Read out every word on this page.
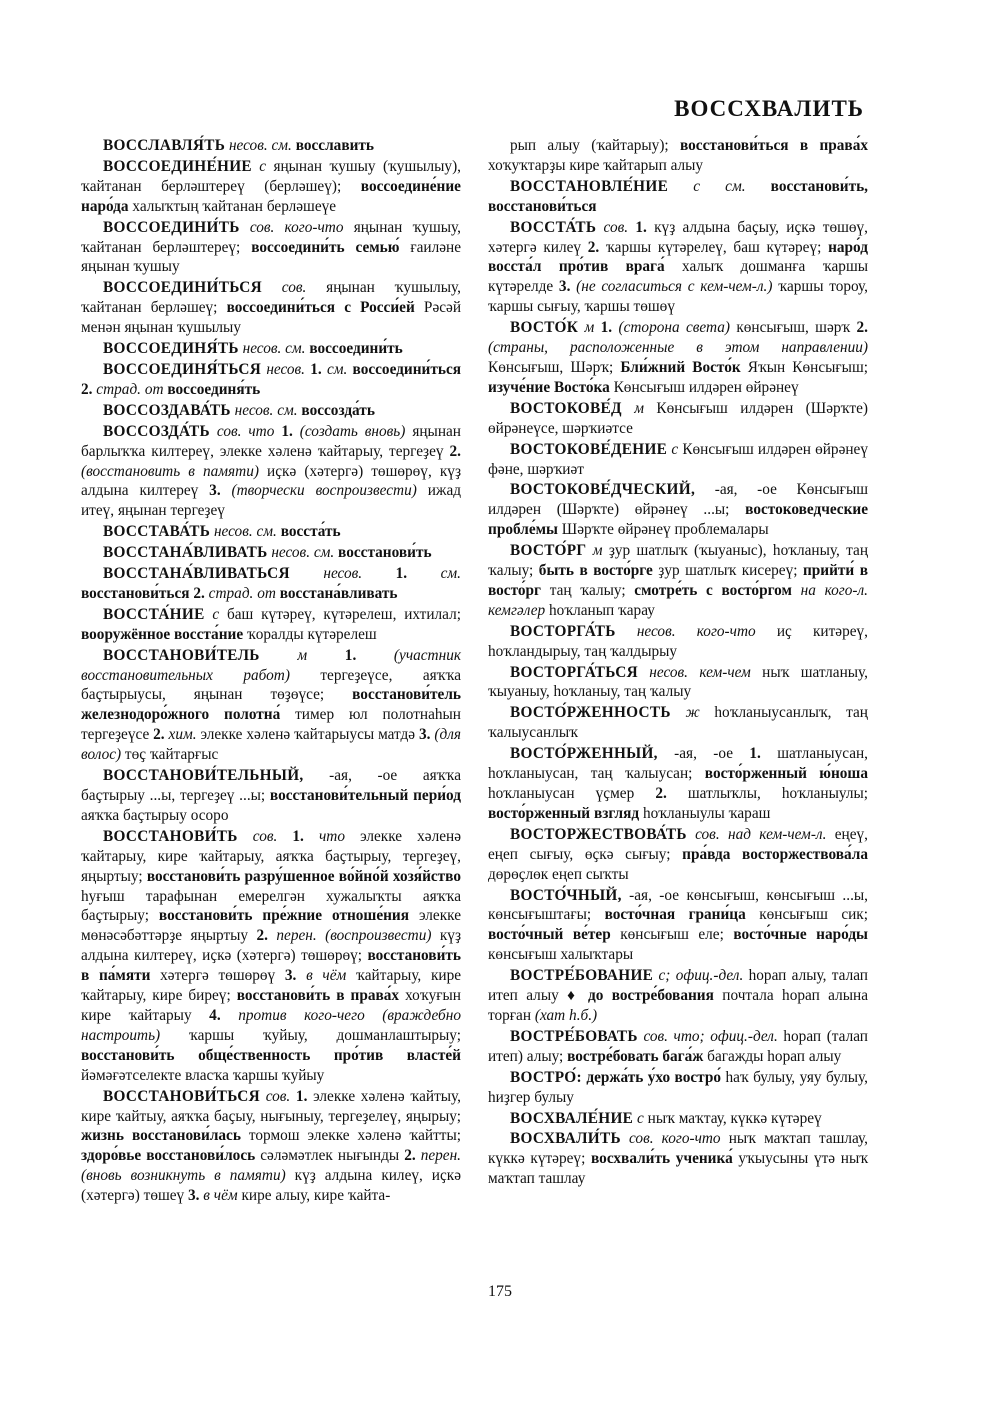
ВОССХВАЛИТЬ
ВОССЛАВЛЯ́ТЬ несов. см. восславить
ВОССОЕДИНЕ́НИЕ с яңынан ҡушыу (ҡушылыу), ҡайтанан берләштереү (берләшеү); воссоедине́ние наро́да халыҡтың ҡайтанан берләшеүе
ВОССОЕДИНИ́ТЬ сов. кого-что яңынан ҡушыу, ҡайтанан берләштереү; воссоедини́ть семью́ ғаиләне яңынан ҡушыу
ВОССОЕДИНИ́ТЬСЯ сов. яңынан ҡушылыу, ҡайтанан берләшеү; воссоедини́ться с Росси́ей Рәсәй менән яңынан ҡушылыу
ВОССОЕДИНЯ́ТЬ несов. см. воссоедини́ть
ВОССОЕДИНЯ́ТЬСЯ несов. 1. см. воссоедини́ться 2. страд. от воссоединя́ть
ВОССОЗДАВА́ТЬ несов. см. воссозда́ть
ВОССОЗДА́ТЬ сов. что 1. (создать вновь) яңынан барлыҡҡа килтереү, элекке хәленә ҡайтарыу, тергеҙеү 2. (восстановить в памяти) иҫкә (хәтергә) төшөрөү, күҙ алдына килтереү 3. (творчески воспроизвести) ижад итеү, яңынан тергеҙеү
ВОССТАВА́ТЬ несов. см. восста́ть
ВОССТАНА́ВЛИВАТЬ несов. см. восстанови́ть
ВОССТАНА́ВЛИВАТЬСЯ несов. 1. см. восстанови́ться 2. страд. от восстана́вливать
ВОССТА́НИЕ с баш күтәреү, күтәрелеш, ихтилал; вооружённое восста́ние ҡоралды күтәрелеш
ВОССТАНОВИ́ТЕЛЬ м 1. (участник восстановительных работ) тергеҙеүсе, аяҡҡа баҫтырыусы, яңынан төҙөүсе; восстанови́тель железнодоро́жного полотна́ тимер юл полотнаһын тергеҙеүсе 2. хим. элекке хәленә ҡайтарыусы матдә 3. (для волос) төҫ ҡайтарғыс
ВОССТАНОВИ́ТЕЛЬНЫЙ, -ая, -ое аяҡҡа баҫтырыу ...ы, тергеҙеү ...ы; восстанови́тельный пери́од аяҡҡа баҫтырыу осоро
ВОССТАНОВИ́ТЬ сов. 1. что элекке хәленә ҡайтарыу, кире ҡайтарыу, аяҡҡа баҫтырыу, тергеҙеү, яңыртыу; восстанови́ть разру́шенное во́йно́й хозя́йство һуғыш тарафынан емерелгән хужалыҡты аяҡҡа баҫтырыу; восстанови́ть пре́жние отноше́ния элекке мөнәсәбәттәрҙе яңыртыу 2. перен. (воспроизвести) күҙ алдына килтереү, иҫкә (хәтергә) төшөрөү; восстанови́ть в па́мяти хәтергә төшөрөү 3. в чём ҡайтарыу, кире ҡайтарыу, кире биреү; восстанови́ть в права́х хоҡуғын кире ҡайтарыу 4. против кого-чего (враждебно настроить) ҡаршы ҡуйыу, дошманлаштырыу; восстанови́ть обще́ственность про́тив власте́й йәмәғәтселекте власҡа ҡаршы ҡуйыу
ВОССТАНОВИ́ТЬСЯ сов. 1. элекке хәленә ҡайтыу, кире ҡайтыу, аяҡҡа баҫыу, нығыныу, тергеҙелеү, яңырыу; жизнь восстанови́лась тормош элекке хәленә ҡайтты; здоро́вье восстанови́лось сәләмәтлек нығынды 2. перен. (вновь возникнуть в памяти) күҙ алдына килеү, иҫкә (хәтергә) төшеү 3. в чём кире алыу, кире ҡайта-
рып алыу (ҡайтарыу); восстанови́ться в права́х хоҡуҡтарҙы кире ҡайтарып алыу
ВОССТАНОВЛЕ́НИЕ с см. восстанови́ть, восстанови́ться
ВОССТА́ТЬ сов. 1. күҙ алдына баҫыу, иҫкә төшөү, хәтергә килеү 2. ҡаршы күтәрелеү, баш күтәреү; наро́д восста́л про́тив врага́ халыҡ дошманға ҡаршы күтәрелде 3. (не согласиться с кем-чем-л.) ҡаршы тороу, ҡаршы сығыу, ҡаршы төшөү
ВОСТО́К м 1. (сторона света) көнсығыш, шәрҡ 2. (страны, расположенные в этом направлении) Көнсығыш, Шәрҡ; Бли́жний Восто́к Яҡын Көнсығыш; изуче́ние Восто́ка Көнсығыш илдәрен өйрәнеү
ВОСТОКОВЕ́Д м Көнсығыш илдәрен (Шәрҡте) өйрәнеүсе, шәрҡиәтсе
ВОСТОКОВЕ́ДЕНИЕ с Көнсығыш илдәрен өйрәнеү фәне, шәрҡиәт
ВОСТОКОВЕ́ДЧЕСКИЙ, -ая, -ое Көнсығыш илдәрен (Шәрҡте) өйрәнеү ...ы; востоковедческие пробле́мы Шәрҡте өйрәнеү проблемалары
ВОСТО́РГ м ҙур шатлыҡ (ҡыуаныс), һоҡланыу, таң ҡалыу; быть в восто́рге ҙур шатлыҡ кисереү; прийти́ в восто́рг таң ҡалыу; смотре́ть с восто́ргом на кого-л. кемгәлер һоҡланып ҡарау
ВОСТОРГА́ТЬ несов. кого-что иҫ китәреү, һоҡландырыу, таң ҡалдырыу
ВОСТОРГА́ТЬСЯ несов. кем-чем ныҡ шатланыу, ҡыуаныу, һоҡланыу, таң ҡалыу
ВОСТО́РЖЕННОСТЬ ж һоҡланыусанлыҡ, таң ҡалыусанлыҡ
ВОСТО́РЖЕННЫЙ, -ая, -ое 1. шатланыусан, һоҡланыусан, таң ҡалыусан; восто́рженный ю́ноша һоҡланыусан үҫмер 2. шатлыҡлы, һоҡланыулы; восто́рженный взгляд һоҡланыулы ҡараш
ВОСТОРЖЕСТВОВА́ТЬ сов. над кем-чем-л. еңеү, еңеп сығыу, өҫкә сығыу; пра́вда восторжествова́ла дөрөҫлөк еңеп сыҡты
ВОСТО́ЧНЫЙ, -ая, -ое көнсығыш, көнсығыш ...ы, көнсығыштағы; восто́чная грани́ца көнсығыш сик; восто́чный ве́тер көнсығыш еле; восто́чные наро́ды көнсығыш халыҡтары
ВОСТРЕ́БОВАНИЕ с; офиц.-дел. һорап алыу, талап итеп алыу ♦ до востре́бования почтала һорап алына торған (хат һ.б.)
ВОСТРЕ́БОВАТЬ сов. что; офиц.-дел. һорап (талап итеп) алыу; востре́бовать бага́ж багажды һорап алыу
ВОСТРО́: держа́ть у́хо востро́ һаҡ булыу, уяу булыу, һиҙгер булыу
ВОСХВАЛЕ́НИЕ с ныҡ маҡтау, күккә күтәреү
ВОСХВАЛИ́ТЬ сов. кого-что ныҡ маҡтап ташлау, күккә күтәреү; восхвали́ть ученика́ уҡыусыны үтә ныҡ маҡтап ташлау
175
